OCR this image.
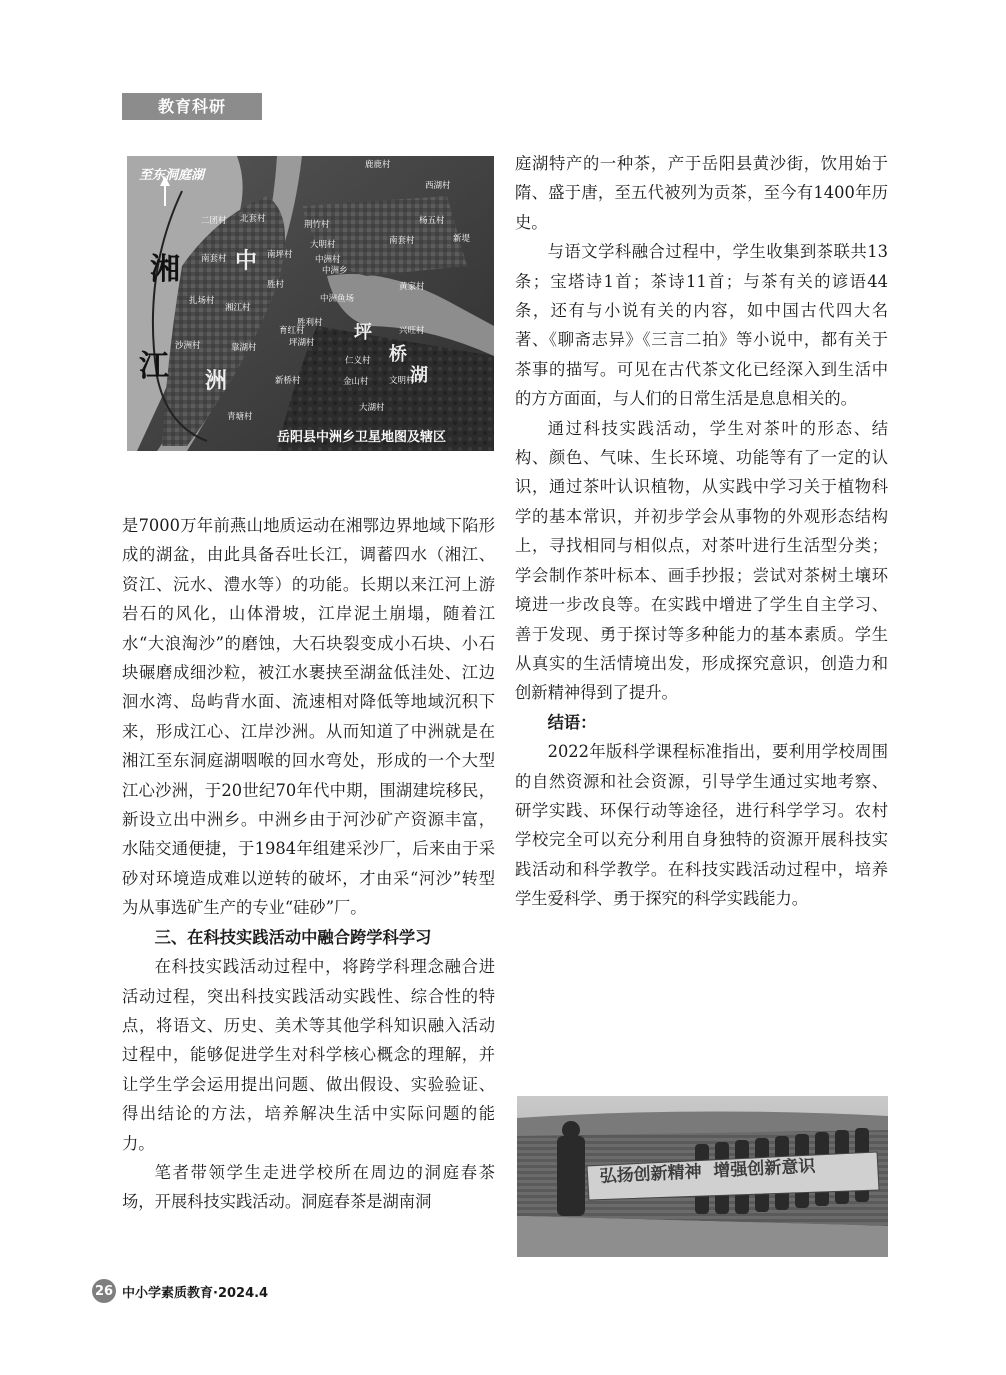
教育科研
至东洞庭湖
湘	中
江 洲
坪
桥
湖
鹿鹿村
西湖村
二团村 北套村
荆竹村	杨五村
新堤
南套村	南坪村
大明村
中洲村
南套村
中洲乡
黄家村
胜村
扎场村
湘江村
中洲鱼场
兴旺村
胜利村
育红村
沙洲村	靠湖村	坪湖村
仁义村
金山村 文明村
新桥村
青塘村
大湖村
岳阳县中洲乡卫星地图及辖区

是7000万年前燕山地质运动在湘鄂边界地域下陷形成的湖盆，由此具备吞吐长江，调蓄四水（湘江、资江、沅水、澧水等）的功能。长期以来江河上游岩石的风化，山体滑坡，江岸泥土崩塌，随着江水“大浪淘沙”的磨蚀，大石块裂变成小石块、小石块碾磨成细沙粒，被江水裹挟至湖盆低洼处、江边洄水湾、岛屿背水面、流速相对降低等地域沉积下来，形成江心、江岸沙洲。从而知道了中洲就是在湘江至东洞庭湖咽喉的回水弯处，形成的一个大型江心沙洲，于20世纪70年代中期，围湖建垸移民，新设立出中洲乡。中洲乡由于河沙矿产资源丰富，水陆交通便捷，于1984年组建采沙厂，后来由于采砂对环境造成难以逆转的破坏，才由采“河沙”转型为从事选矿生产的专业“硅砂”厂。

三、在科技实践活动中融合跨学科学习

在科技实践活动过程中，将跨学科理念融合进活动过程，突出科技实践活动实践性、综合性的特点，将语文、历史、美术等其他学科知识融入活动过程中，能够促进学生对科学核心概念的理解，并让学生学会运用提出问题、做出假设、实验验证、得出结论的方法，培养解决生活中实际问题的能力。

笔者带领学生走进学校所在周边的洞庭春茶场，开展科技实践活动。洞庭春茶是湖南洞

庭湖特产的一种茶，产于岳阳县黄沙街，饮用始于隋、盛于唐，至五代被列为贡茶，至今有1400年历史。

与语文学科融合过程中，学生收集到茶联共13条；宝塔诗1首；茶诗11首；与茶有关的谚语44条，还有与小说有关的内容，如中国古代四大名著、《聊斋志异》《三言二拍》等小说中，都有关于茶事的描写。可见在古代茶文化已经深入到生活中的方方面面，与人们的日常生活是息息相关的。

通过科技实践活动，学生对茶叶的形态、结构、颜色、气味、生长环境、功能等有了一定的认识，通过茶叶认识植物，从实践中学习关于植物科学的基本常识，并初步学会从事物的外观形态结构上，寻找相同与相似点，对茶叶进行生活型分类；学会制作茶叶标本、画手抄报；尝试对茶树土壤环境进一步改良等。在实践中增进了学生自主学习、善于发现、勇于探讨等多种能力的基本素质。学生从真实的生活情境出发，形成探究意识，创造力和创新精神得到了提升。

结语：

2022年版科学课程标准指出，要利用学校周围的自然资源和社会资源，引导学生通过实地考察、研学实践、环保行动等途径，进行科学学习。农村学校完全可以充分利用自身独特的资源开展科技实践活动和科学教学。在科技实践活动过程中，培养学生爱科学、勇于探究的科学实践能力。

弘扬创新精神  增强创新意识
26 中小学素质教育·2024.4
